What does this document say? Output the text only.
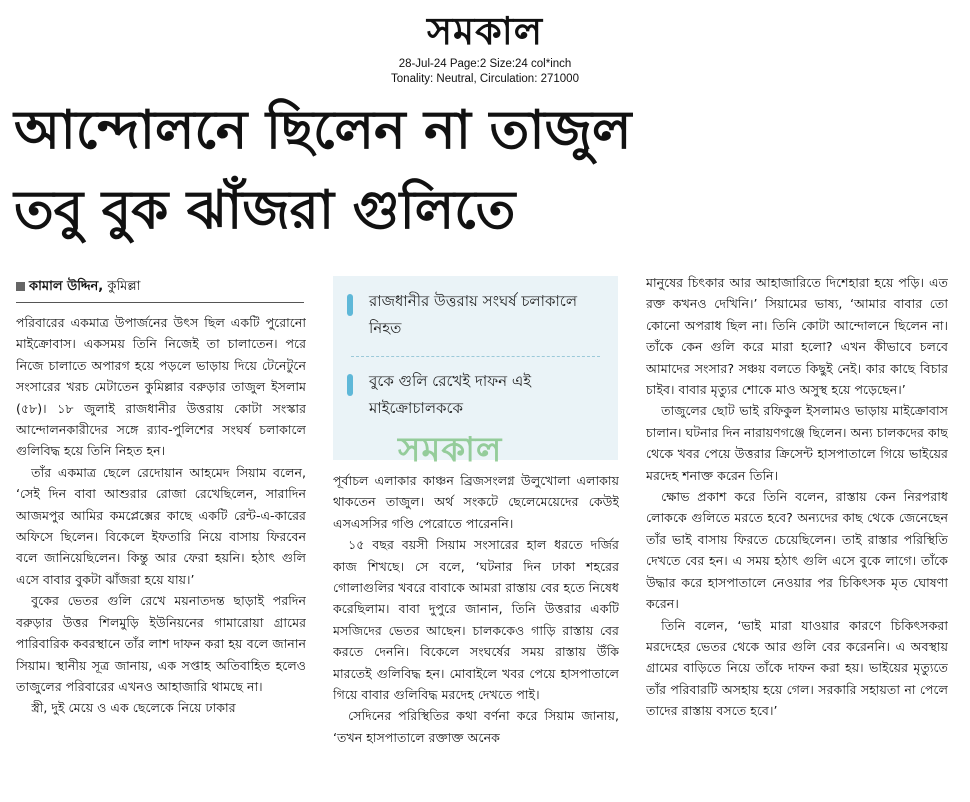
সমকাল
28-Jul-24 Page:2 Size:24 col*inch
Tonality: Neutral, Circulation: 271000
আন্দোলনে ছিলেন না তাজুল
তবু বুক ঝাঁজরা গুলিতে
কামাল উদ্দিন, কুমিল্লা

পরিবারের একমাত্র উপার্জনের উৎস ছিল একটি পুরোনো মাইক্রোবাস। একসময় তিনি নিজেই তা চালাতেন। পরে নিজে চালাতে অপারগ হয়ে পড়লে ভাড়ায় দিয়ে টেনেটুনে সংসারের খরচ মেটাতেন কুমিল্লার বরুড়ার তাজুল ইসলাম (৫৮)। ১৮ জুলাই রাজধানীর উত্তরায় কোটা সংস্কার আন্দোলনকারীদের সঙ্গে র‍্যাব-পুলিশের সংঘর্ষ চলাকালে গুলিবিদ্ধ হয়ে তিনি নিহত হন।

তাঁর একমাত্র ছেলে রেদোয়ান আহমেদ সিয়াম বলেন, ‘সেই দিন বাবা আশুরার রোজা রেখেছিলেন, সারাদিন আজমপুর আমির কমপ্লেক্সের কাছে একটি রেন্ট-এ-কারের অফিসে ছিলেন। বিকেলে ইফতারি নিয়ে বাসায় ফিরবেন বলে জানিয়েছিলেন। কিন্তু আর ফেরা হয়নি। হঠাৎ গুলি এসে বাবার বুকটা ঝাঁজরা হয়ে যায়।’

বুকের ভেতর গুলি রেখে ময়নাতদন্ত ছাড়াই পরদিন বরুড়ার উত্তর শিলমুড়ি ইউনিয়নের গামারোয়া গ্রামের পারিবারিক কবরস্থানে তাঁর লাশ দাফন করা হয় বলে জানান সিয়াম। স্থানীয় সূত্র জানায়, এক সপ্তাহ অতিবাহিত হলেও তাজুলের পরিবারের এখনও আহাজারি থামছে না।

স্ত্রী, দুই মেয়ে ও এক ছেলেকে নিয়ে ঢাকার

রাজধানীর উত্তরায় সংঘর্ষ চলাকালে নিহত
বুকে গুলি রেখেই দাফন এই মাইক্রোচালককে
সমকাল

পূর্বাচল এলাকার কাঞ্চন ব্রিজসংলগ্ন উলুখোলা এলাকায় থাকতেন তাজুল। অর্থ সংকটে ছেলেমেয়েদের কেউই এসএসসির গণ্ডি পেরোতে পারেননি।

১৫ বছর বয়সী সিয়াম সংসারের হাল ধরতে দর্জির কাজ শিখছে। সে বলে, ‘ঘটনার দিন ঢাকা শহরের গোলাগুলির খবরে বাবাকে আমরা রাস্তায় বের হতে নিষেধ করেছিলাম। বাবা দুপুরে জানান, তিনি উত্তরার একটি মসজিদের ভেতর আছেন। চালককেও গাড়ি রাস্তায় বের করতে দেননি। বিকেলে সংঘর্ষের সময় রাস্তায় উঁকি মারতেই গুলিবিদ্ধ হন। মোবাইলে খবর পেয়ে হাসপাতালে গিয়ে বাবার গুলিবিদ্ধ মরদেহ দেখতে পাই।

সেদিনের পরিস্থিতির কথা বর্ণনা করে সিয়াম জানায়, ‘তখন হাসপাতালে রক্তাক্ত অনেক

মানুষের চিৎকার আর আহাজারিতে দিশেহারা হয়ে পড়ি। এত রক্ত কখনও দেখিনি।’ সিয়ামের ভাষ্য, ‘আমার বাবার তো কোনো অপরাধ ছিল না। তিনি কোটা আন্দোলনে ছিলেন না। তাঁকে কেন গুলি করে মারা হলো? এখন কীভাবে চলবে আমাদের সংসার? সঞ্চয় বলতে কিছুই নেই। কার কাছে বিচার চাইব। বাবার মৃত্যুর শোকে মাও অসুস্থ হয়ে পড়েছেন।’

তাজুলের ছোট ভাই রফিকুল ইসলামও ভাড়ায় মাইক্রোবাস চালান। ঘটনার দিন নারায়ণগঞ্জে ছিলেন। অন্য চালকদের কাছ থেকে খবর পেয়ে উত্তরার ক্রিসেন্ট হাসপাতালে গিয়ে ভাইয়ের মরদেহ শনাক্ত করেন তিনি।

ক্ষোভ প্রকাশ করে তিনি বলেন, রাস্তায় কেন নিরপরাধ লোককে গুলিতে মরতে হবে? অন্যদের কাছ থেকে জেনেছেন তাঁর ভাই বাসায় ফিরতে চেয়েছিলেন। তাই রাস্তার পরিস্থিতি দেখতে বের হন। এ সময় হঠাৎ গুলি এসে বুকে লাগে। তাঁকে উদ্ধার করে হাসপাতালে নেওয়ার পর চিকিৎসক মৃত ঘোষণা করেন।

তিনি বলেন, ‘ভাই মারা যাওয়ার কারণে চিকিৎসকরা মরদেহের ভেতর থেকে আর গুলি বের করেননি। এ অবস্থায় গ্রামের বাড়িতে নিয়ে তাঁকে দাফন করা হয়। ভাইয়ের মৃত্যুতে তাঁর পরিবারটি অসহায় হয়ে গেল। সরকারি সহায়তা না পেলে তাদের রাস্তায় বসতে হবে।’
